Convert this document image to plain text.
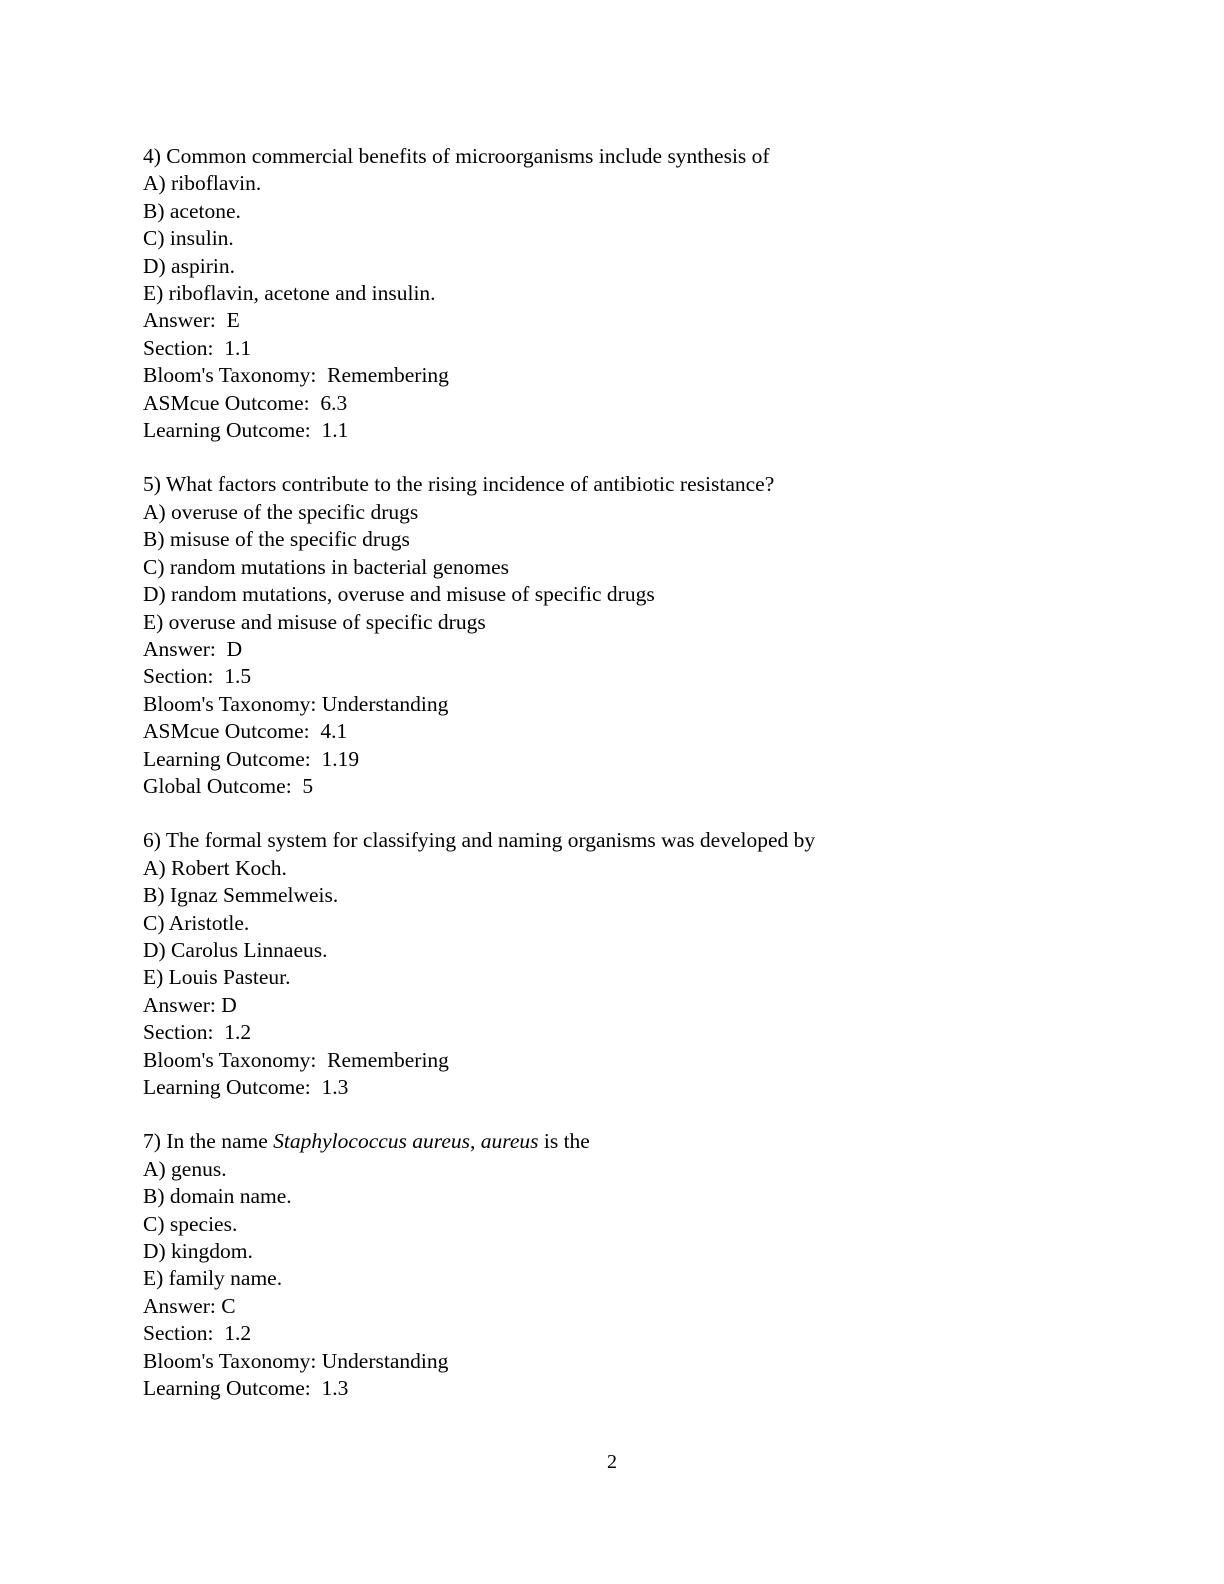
4) Common commercial benefits of microorganisms include synthesis of
A) riboflavin.
B) acetone.
C) insulin.
D) aspirin.
E) riboflavin, acetone and insulin.
Answer:  E
Section:  1.1
Bloom's Taxonomy:  Remembering
ASMcue Outcome:  6.3
Learning Outcome:  1.1
5) What factors contribute to the rising incidence of antibiotic resistance?
A) overuse of the specific drugs
B) misuse of the specific drugs
C) random mutations in bacterial genomes
D) random mutations, overuse and misuse of specific drugs
E) overuse and misuse of specific drugs
Answer:  D
Section:  1.5
Bloom's Taxonomy: Understanding
ASMcue Outcome:  4.1
Learning Outcome:  1.19
Global Outcome:  5
6) The formal system for classifying and naming organisms was developed by
A) Robert Koch.
B) Ignaz Semmelweis.
C) Aristotle.
D) Carolus Linnaeus.
E) Louis Pasteur.
Answer: D
Section:  1.2
Bloom's Taxonomy:  Remembering
Learning Outcome:  1.3
7) In the name Staphylococcus aureus, aureus is the
A) genus.
B) domain name.
C) species.
D) kingdom.
E) family name.
Answer: C
Section:  1.2
Bloom's Taxonomy: Understanding
Learning Outcome:  1.3
2
